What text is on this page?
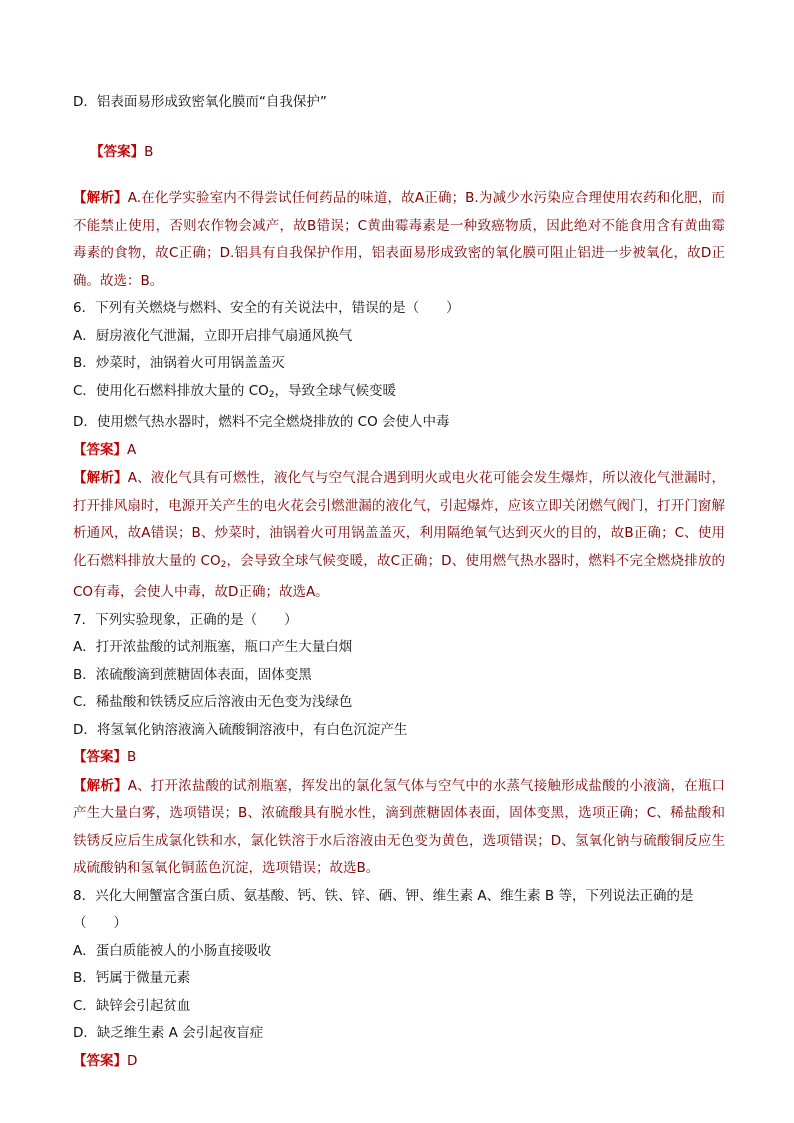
D．铝表面易形成致密氧化膜而“自我保护”

【答案】B

【解析】A.在化学实验室内不得尝试任何药品的味道，故A正确；B.为减少水污染应合理使用农药和化肥，而不能禁止使用，否则农作物会减产，故B错误；C黄曲霉毒素是一种致癌物质，因此绝对不能食用含有黄曲霉毒素的食物，故C正确；D.铝具有自我保护作用，铝表面易形成致密的氧化膜可阻止铝进一步被氧化，故D正确。故选：B。
6．下列有关燃烧与燃料、安全的有关说法中，错误的是（　　）
A．厨房液化气泄漏，立即开启排气扇通风换气
B．炒菜时，油锅着火可用锅盖盖灭
C．使用化石燃料排放大量的 $CO_2$，导致全球气候变暖
D．使用燃气热水器时，燃料不完全燃烧排放的 CO 会使人中毒
【答案】A
【解析】A、液化气具有可燃性，液化气与空气混合遇到明火或电火花可能会发生爆炸，所以液化气泄漏时，打开排风扇时，电源开关产生的电火花会引燃泄漏的液化气，引起爆炸，应该立即关闭燃气阀门，打开门窗解析通风，故A错误；B、炒菜时，油锅着火可用锅盖盖灭，利用隔绝氧气达到灭火的目的，故B正确；C、使用化石燃料排放大量的 $CO_2$，会导致全球气候变暖，故C正确；D、使用燃气热水器时，燃料不完全燃烧排放的CO有毒，会使人中毒，故D正确；故选A。
7．下列实验现象，正确的是（　　）
A．打开浓盐酸的试剂瓶塞，瓶口产生大量白烟
B．浓硫酸滴到蔗糖固体表面，固体变黑
C．稀盐酸和铁锈反应后溶液由无色变为浅绿色
D．将氢氧化钠溶液滴入硫酸铜溶液中，有白色沉淀产生
【答案】B
【解析】A、打开浓盐酸的试剂瓶塞，挥发出的氯化氢气体与空气中的水蒸气接触形成盐酸的小液滴，在瓶口产生大量白雾，选项错误；B、浓硫酸具有脱水性，滴到蔗糖固体表面，固体变黑，选项正确；C、稀盐酸和铁锈反应后生成氯化铁和水，氯化铁溶于水后溶液由无色变为黄色，选项错误；D、氢氧化钠与硫酸铜反应生成硫酸钠和氢氧化铜蓝色沉淀，选项错误；故选B。
8．兴化大闸蟹富含蛋白质、氨基酸、钙、铁、锌、硒、钾、维生素 A、维生素 B 等，下列说法正确的是
（　　）
A．蛋白质能被人的小肠直接吸收
B．钙属于微量元素
C．缺锌会引起贫血
D．缺乏维生素 A 会引起夜盲症
【答案】D
